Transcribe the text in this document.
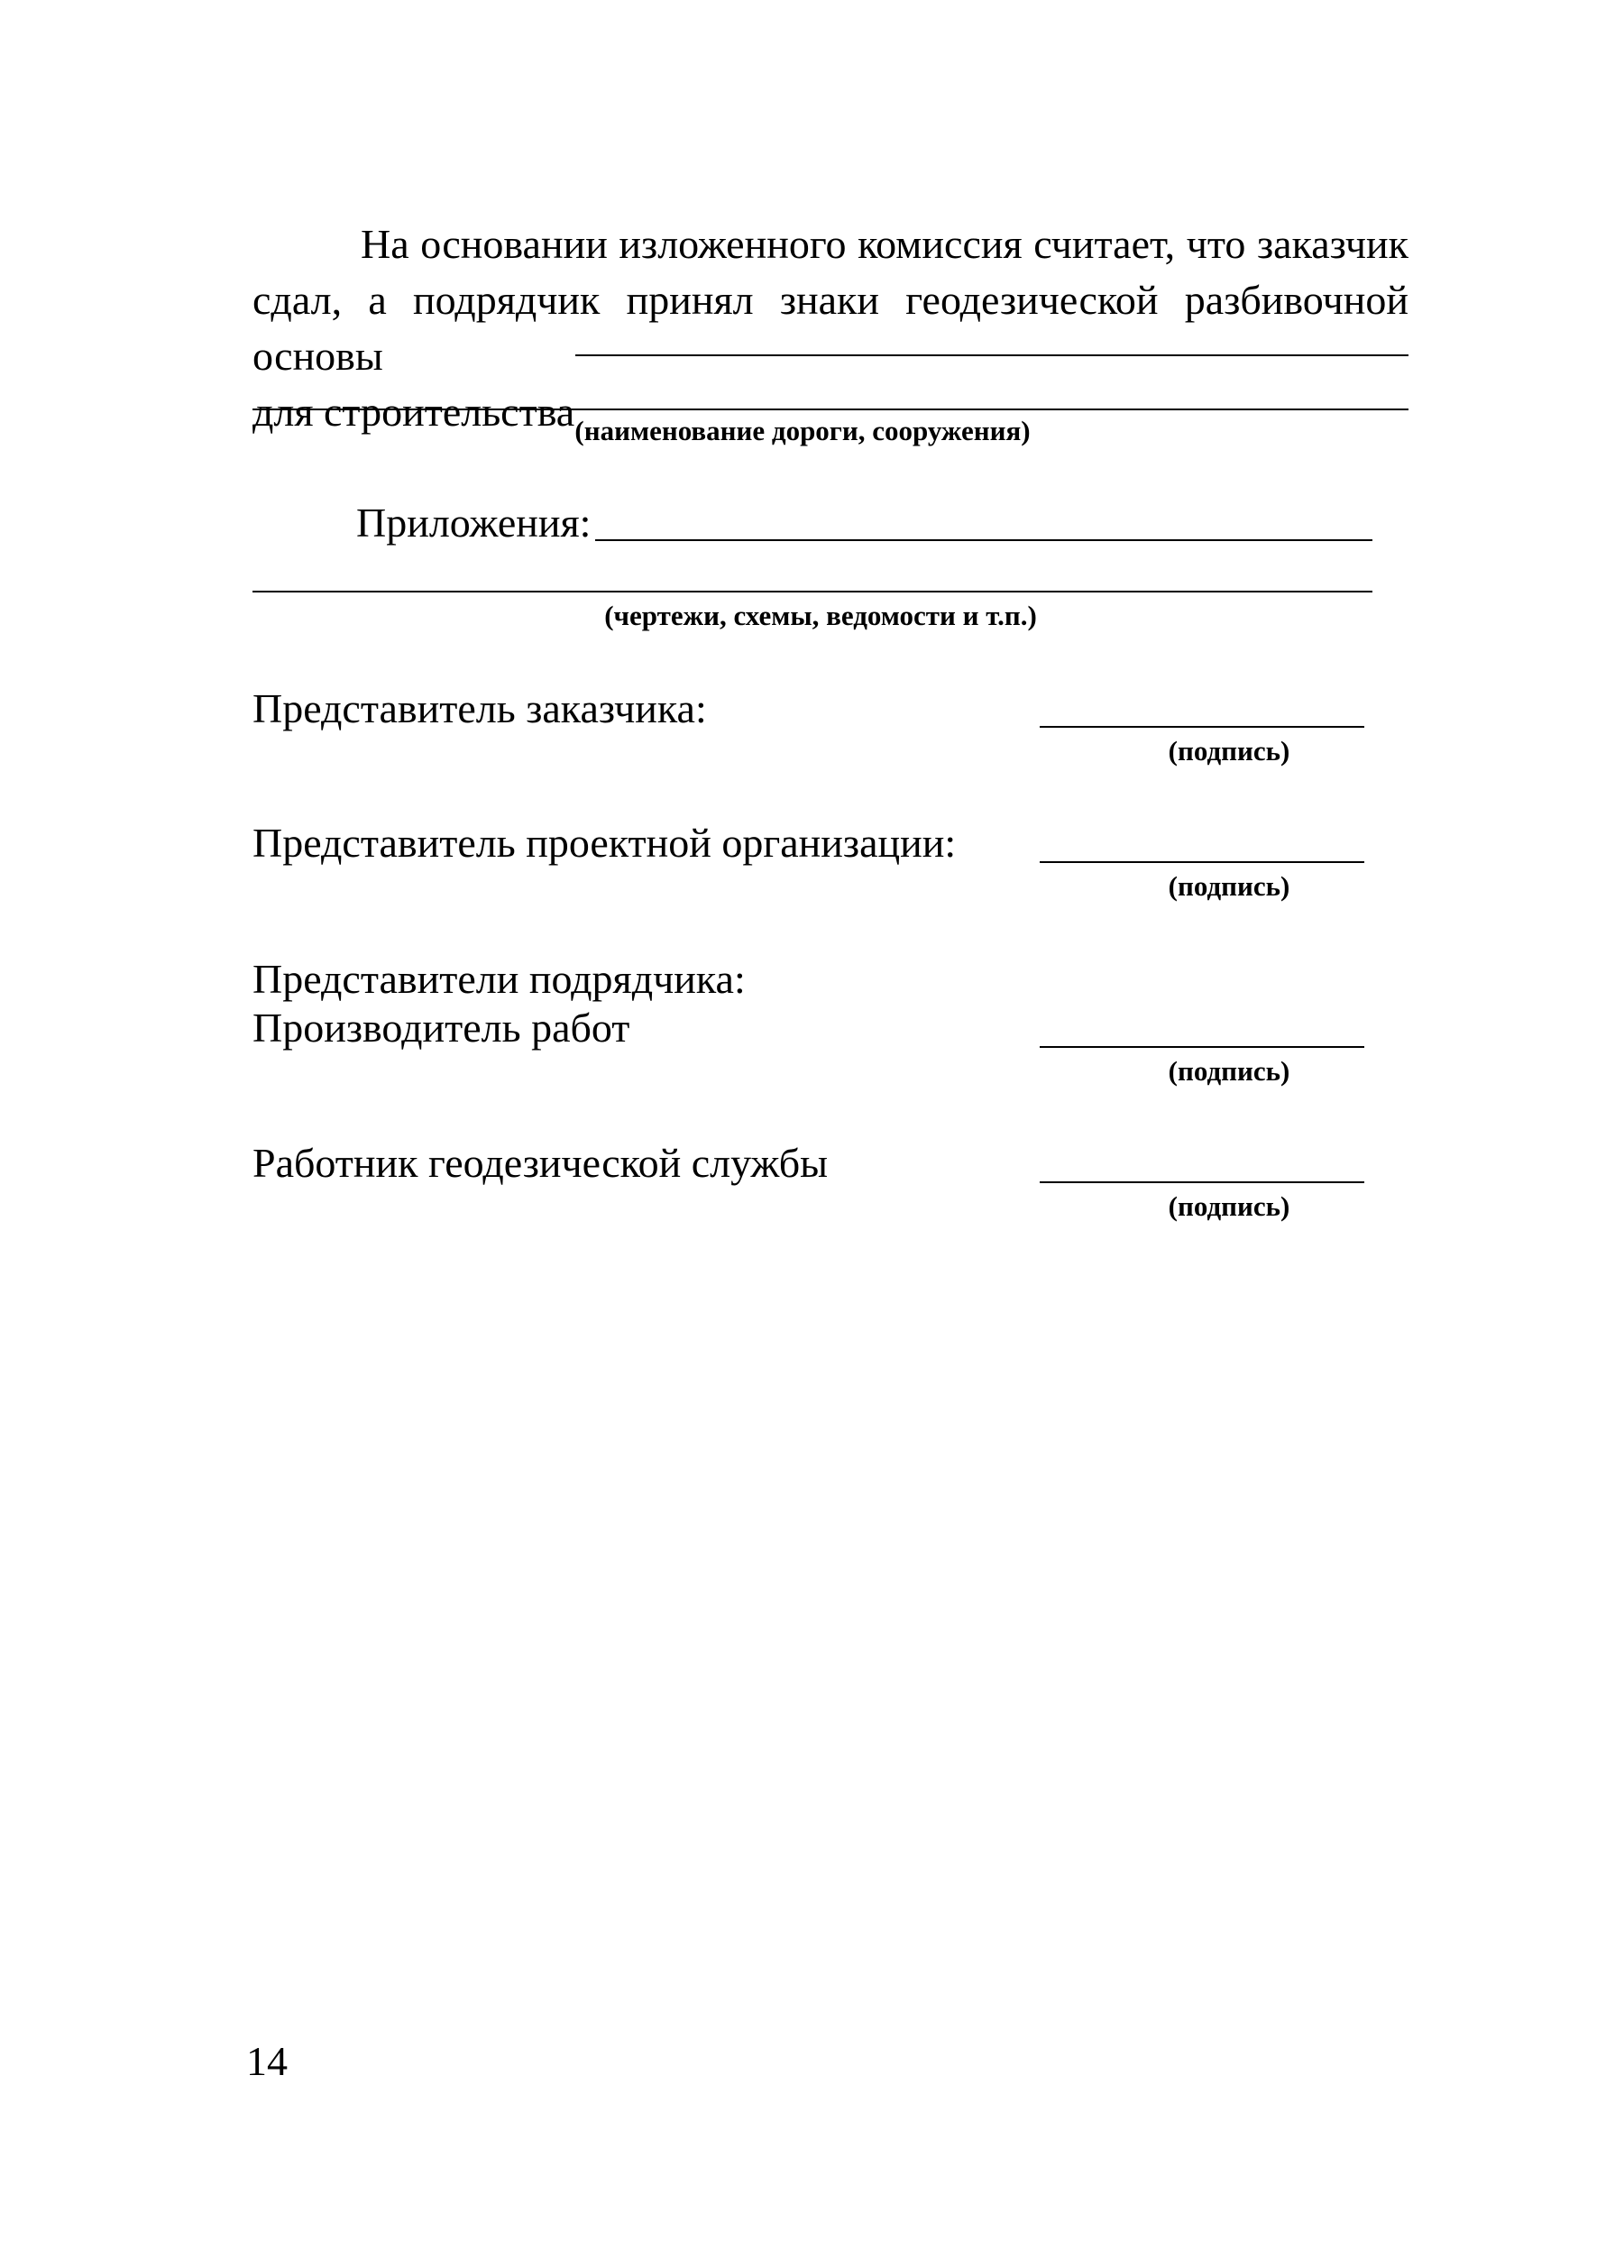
На основании изложенного комиссия считает, что заказчик
сдал, а подрядчик принял знаки геодезической разбивочной основы
для строительства (наименование дороги, сооружения)
Приложения:
(чертежи, схемы, ведомости и т.п.)
Представитель заказчика:
(подпись)
Представитель проектной организации:
(подпись)
Представители подрядчика:
Производитель работ
(подпись)
Работник геодезической службы
(подпись)
14
